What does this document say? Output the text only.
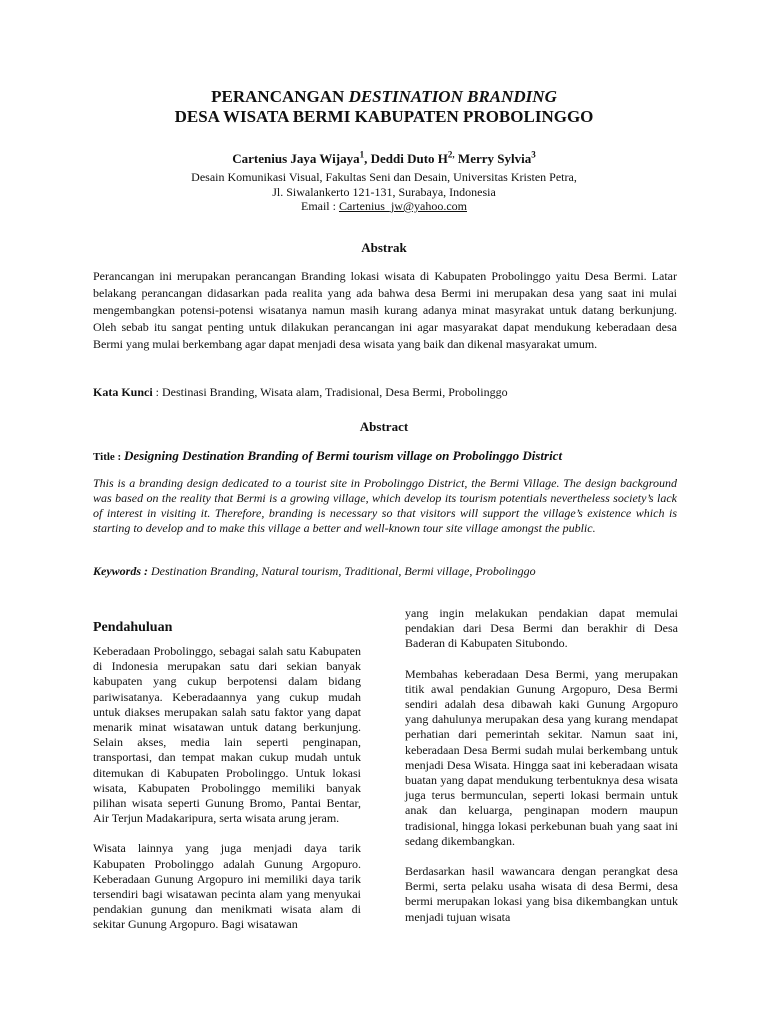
PERANCANGAN DESTINATION BRANDING
DESA WISATA BERMI KABUPATEN PROBOLINGGO
Cartenius Jaya Wijaya$^1$, Deddi Duto $H^{2,}$ Merry Sylvia$^3$
Desain Komunikasi Visual, Fakultas Seni dan Desain, Universitas Kristen Petra,
Jl. Siwalankerto 121-131, Surabaya, Indonesia
Email : Cartenius_jw@yahoo.com
Abstrak
Perancangan ini merupakan perancangan Branding lokasi wisata di Kabupaten Probolinggo yaitu Desa Bermi. Latar belakang perancangan didasarkan pada realita yang ada bahwa desa Bermi ini merupakan desa yang saat ini mulai mengembangkan potensi-potensi wisatanya namun masih kurang adanya minat masyrakat untuk datang berkunjung. Oleh sebab itu sangat penting untuk dilakukan perancangan ini agar masyarakat dapat mendukung keberadaan desa Bermi yang mulai berkembang agar dapat menjadi desa wisata yang baik dan dikenal masyarakat umum.
Kata Kunci : Destinasi Branding, Wisata alam, Tradisional, Desa Bermi, Probolinggo
Abstract
Title : Designing Destination Branding of Bermi tourism village on Probolinggo District
This is a branding design dedicated to a tourist site in Probolinggo District, the Bermi Village. The design background was based on the reality that Bermi is a growing village, which develop its tourism potentials nevertheless society’s lack of interest in visiting it. Therefore, branding is necessary so that visitors will support the village’s existence which is starting to develop and to make this village a better and well-known tour site village amongst the public.
Keywords : Destination Branding, Natural tourism, Traditional, Bermi village, Probolinggo
Pendahuluan

Keberadaan Probolinggo, sebagai salah satu Kabupaten di Indonesia merupakan satu dari sekian banyak kabupaten yang cukup berpotensi dalam bidang pariwisatanya. Keberadaannya yang cukup mudah untuk diakses merupakan salah satu faktor yang dapat menarik minat wisatawan untuk datang berkunjung. Selain akses, media lain seperti penginapan, transportasi, dan tempat makan cukup mudah untuk ditemukan di Kabupaten Probolinggo. Untuk lokasi wisata, Kabupaten Probolinggo memiliki banyak pilihan wisata seperti Gunung Bromo, Pantai Bentar, Air Terjun Madakaripura, serta wisata arung jeram.

Wisata lainnya yang juga menjadi daya tarik Kabupaten Probolinggo adalah Gunung Argopuro. Keberadaan Gunung Argopuro ini memiliki daya tarik tersendiri bagi wisatawan pecinta alam yang menyukai pendakian gunung dan menikmati wisata alam di sekitar Gunung Argopuro. Bagi wisatawan

yang ingin melakukan pendakian dapat memulai pendakian dari Desa Bermi dan berakhir di Desa Baderan di Kabupaten Situbondo.

Membahas keberadaan Desa Bermi, yang merupakan titik awal pendakian Gunung Argopuro, Desa Bermi sendiri adalah desa dibawah kaki Gunung Argopuro yang dahulunya merupakan desa yang kurang mendapat perhatian dari pemerintah sekitar. Namun saat ini, keberadaan Desa Bermi sudah mulai berkembang untuk menjadi Desa Wisata. Hingga saat ini keberadaan wisata buatan yang dapat mendukung terbentuknya desa wisata juga terus bermunculan, seperti lokasi bermain untuk anak dan keluarga, penginapan modern maupun tradisional, hingga lokasi perkebunan buah yang saat ini sedang dikembangkan.

Berdasarkan hasil wawancara dengan perangkat desa Bermi, serta pelaku usaha wisata di desa Bermi, desa bermi merupakan lokasi yang bisa dikembangkan untuk menjadi tujuan wisata
